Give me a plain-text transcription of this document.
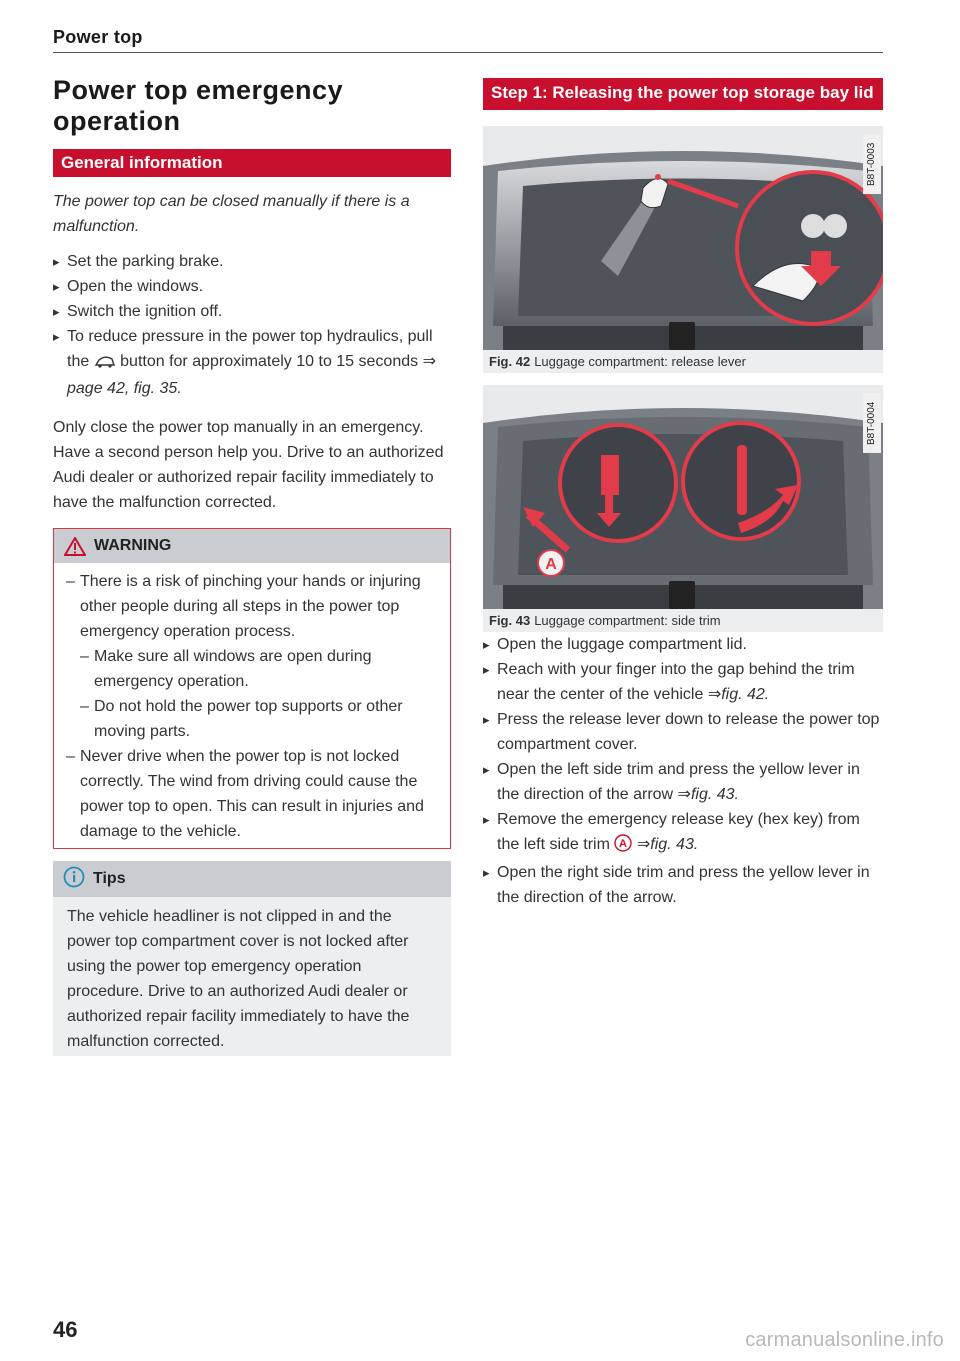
Power top
Power top emergency operation
General information
The power top can be closed manually if there is a malfunction.
▸ Set the parking brake.
▸ Open the windows.
▸ Switch the ignition off.
▸ To reduce pressure in the power top hydraulics, pull the button for approximately 10 to 15 seconds ⇒ page 42, fig. 35.
Only close the power top manually in an emergency. Have a second person help you. Drive to an authorized Audi dealer or authorized repair facility immediately to have the malfunction corrected.
WARNING
– There is a risk of pinching your hands or injuring other people during all steps in the power top emergency operation process.
– Make sure all windows are open during emergency operation.
– Do not hold the power top supports or other moving parts.
– Never drive when the power top is not locked correctly. The wind from driving could cause the power top to open. This can result in injuries and damage to the vehicle.
Tips
The vehicle headliner is not clipped in and the power top compartment cover is not locked after using the power top emergency operation procedure. Drive to an authorized Audi dealer or authorized repair facility immediately to have the malfunction corrected.
Step 1: Releasing the power top storage bay lid
B8T-0003
Fig. 42 Luggage compartment: release lever
A
B8T-0004
Fig. 43 Luggage compartment: side trim
▸ Open the luggage compartment lid.
▸ Reach with your finger into the gap behind the trim near the center of the vehicle ⇒fig. 42.
▸ Press the release lever down to release the power top compartment cover.
▸ Open the left side trim and press the yellow lever in the direction of the arrow ⇒fig. 43.
▸ Remove the emergency release key (hex key) from the left side trim A ⇒fig. 43.
▸ Open the right side trim and press the yellow lever in the direction of the arrow.
46	carmanualsonline.info
